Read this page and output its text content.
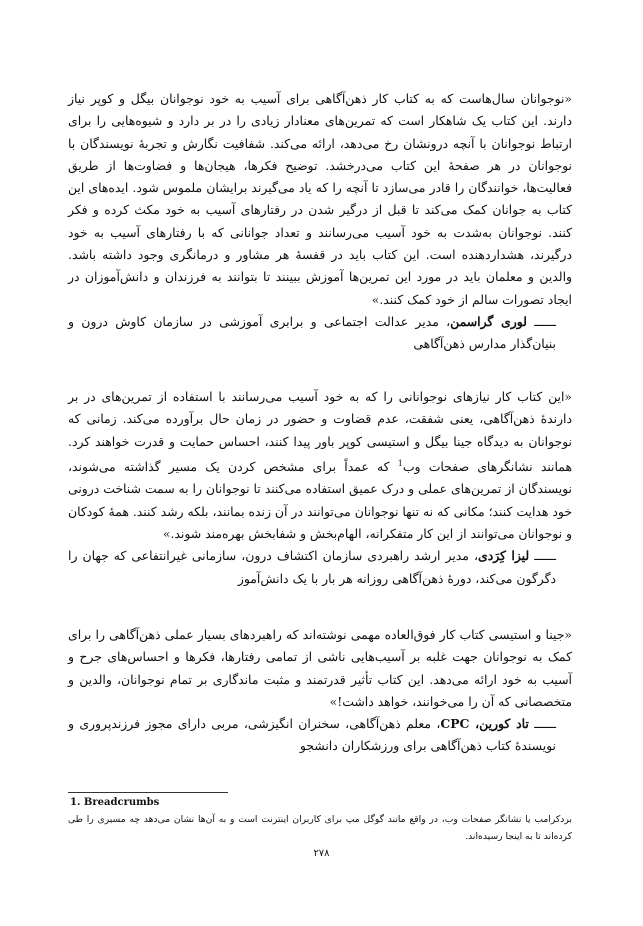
«نوجوانان سال‌هاست که به کتاب کار ذهن‌آگاهی برای آسیب به خود نوجوانان بیگل و کوپر نیاز دارند. این کتاب یک شاهکار است که تمرین‌های معنادار زیادی را در بر دارد و شیوه‌هایی را برای ارتباط نوجوانان با آنچه درونشان رخ می‌دهد، ارائه می‌کند. شفافیت نگارش و تجربهٔ نویسندگان با نوجوانان در هر صفحهٔ این کتاب می‌درخشد. توضیح فکرها، هیجان‌ها و فضاوت‌ها از طریق فعالیت‌ها، خوانندگان را قادر می‌سازد تا آنچه را که یاد می‌گیرند برایشان ملموس شود. ایده‌های این کتاب به جوانان کمک می‌کند تا قبل از درگیر شدن در رفتارهای آسیب به خود مکث کرده و فکر کنند. نوجوانان به‌شدت به خود آسیب می‌رسانند و تعداد جوانانی که با رفتارهای آسیب به خود درگیرند، هشداردهنده است. این کتاب باید در قفسهٔ هر مشاور و درمانگری وجود داشته باشد. والدین و معلمان باید در مورد این تمرین‌ها آموزش ببینند تا بتوانند به فرزندان و دانش‌آموزان در ایجاد تصورات سالم از خود کمک کنند.»

ــــــ لوری گراسمن، مدیر عدالت اجتماعی و برابری آموزشی در سازمان کاوش درون و بنیان‌گذار مدارس ذهن‌آگاهی

«این کتاب کار نیازهای نوجوانانی را که به خود آسیب می‌رسانند با استفاده از تمرین‌های در بر دارندهٔ ذهن‌آگاهی، یعنی شفقت، عدم قضاوت و حضور در زمان حال برآورده می‌کند. زمانی که نوجوانان به دیدگاه جینا بیگل و استیسی کوپر باور پیدا کنند، احساس حمایت و قدرت خواهند کرد. همانند نشانگرهای صفحات وب$^1$ که عمداً برای مشخص کردن یک مسیر گذاشته می‌شوند، نویسندگان از تمرین‌های عملی و درک عمیق استفاده می‌کنند تا نوجوانان را به سمت شناخت درونی خود هدایت کنند؛ مکانی که نه تنها نوجوانان می‌توانند در آن زنده بمانند، بلکه رشد کنند. همهٔ کودکان و نوجوانان می‌توانند از این کار متفکرانه، الهام‌بخش و شفابخش بهره‌مند شوند.»

ــــــ لیزا کِرَدی، مدیر ارشد راهبردی سازمان اکتشاف درون، سازمانی غیرانتفاعی که جهان را دگرگون می‌کند، دورهٔ ذهن‌آگاهی روزانه هر بار با یک دانش‌آموز

«جینا و استیسی کتاب کار فوق‌العاده مهمی نوشته‌اند که راهبردهای بسیار عملی ذهن‌آگاهی را برای کمک به نوجوانان جهت غلبه بر آسیب‌هایی ناشی از تمامی رفتارها، فکرها و احساس‌های جرح و آسیب به خود ارائه می‌دهد. این کتاب تأثیر قدرتمند و مثبت ماندگاری بر تمام نوجوانان، والدین و متخصصانی که آن را می‌خوانند، خواهد داشت!»

ــــــ تاد کورین، CPC، معلم ذهن‌آگاهی، سخنران انگیزشی، مربی دارای مجوز فرزندپروری و نویسندهٔ کتاب ذهن‌آگاهی برای ورزشکاران دانشجو

1. Breadcrumbs
بردکرامب یا نشانگر صفحات وب، در واقع مانند گوگل مپ برای کاربران اینترنت است و به آن‌ها نشان می‌دهد چه مسیری را طی کرده‌اند تا به اینجا رسیده‌اند.
۲۷۸
